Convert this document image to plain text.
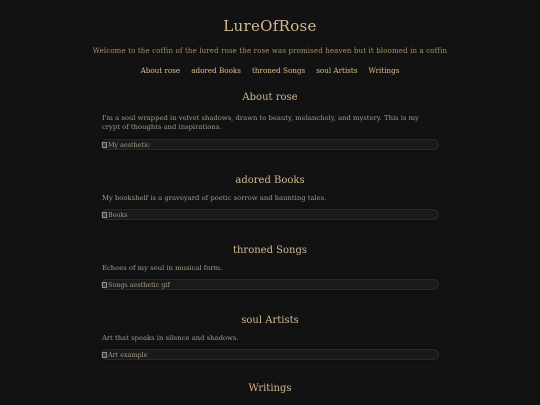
LureOfRose

Welcome to the coffin of the lured rose the rose was promised heaven but it bloomed in a coffin

About rose adored Books throned Songs soul Artists Writings
About rose

I'm a soul wrapped in velvet shadows, drawn to beauty, melancholy, and mystery. This is my crypt of thoughts and inspirations.

My aesthetic
adored Books

My bookshelf is a graveyard of poetic sorrow and haunting tales.

Books
throned Songs

Echoes of my soul in musical form.

Songs aesthetic gif
soul Artists

Art that speaks in silence and shadows.

Art example
Writings
